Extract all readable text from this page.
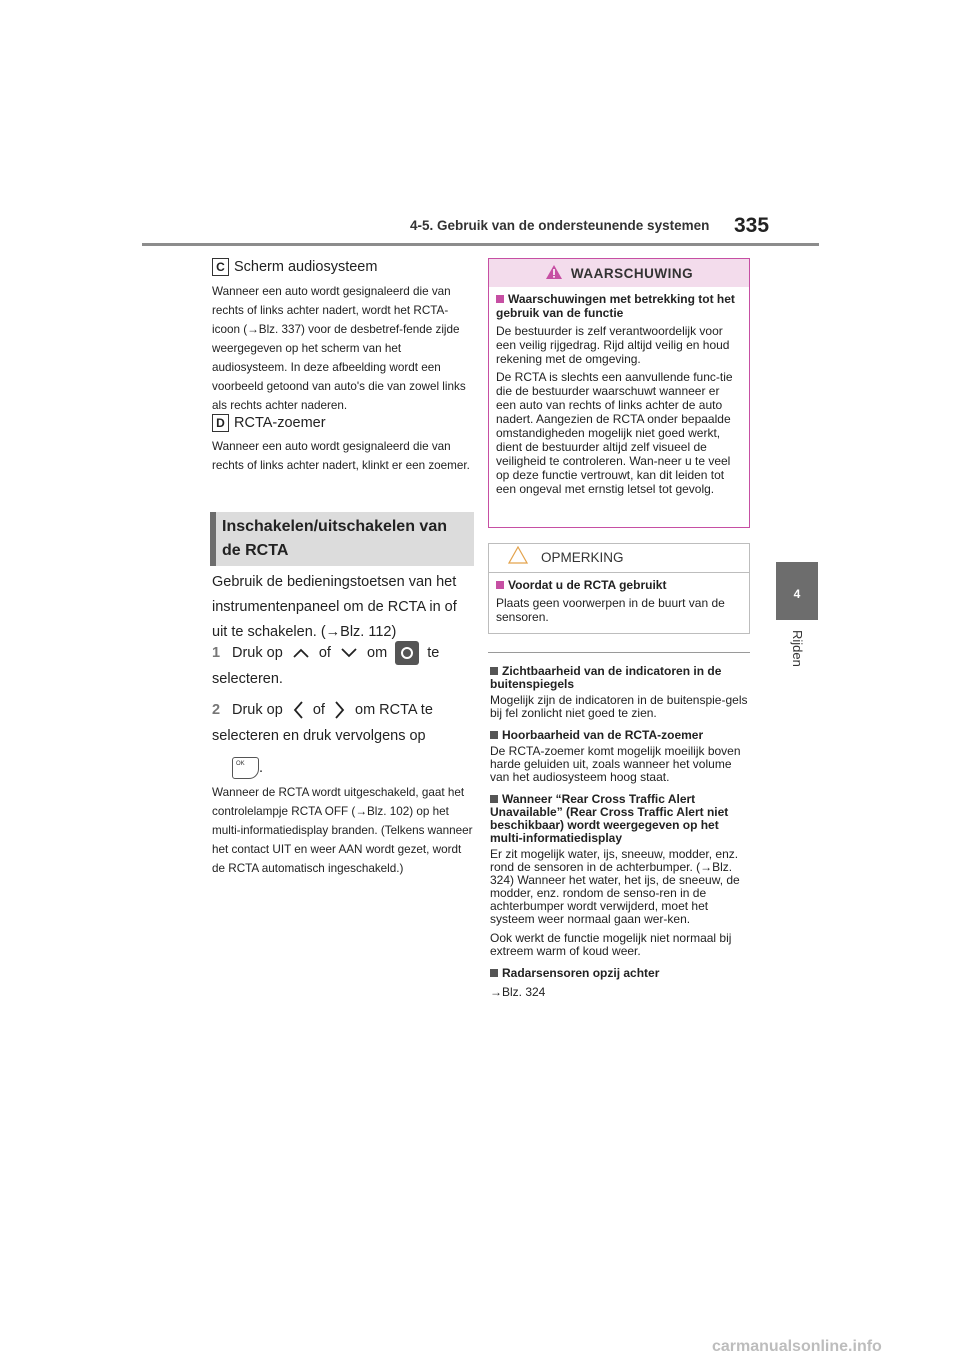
4-5. Gebruik van de ondersteunende systemen 335
4
Rijden
C Scherm audiosysteem
Wanneer een auto wordt gesignaleerd die van rechts of links achter nadert, wordt het RCTA-icoon (→Blz. 337) voor de desbetref-fende zijde weergegeven op het scherm van het audiosysteem. In deze afbeelding wordt een voorbeeld getoond van auto's die van zowel links als rechts achter naderen.
D RCTA-zoemer
Wanneer een auto wordt gesignaleerd die van rechts of links achter nadert, klinkt er een zoemer.
Inschakelen/uitschakelen van de RCTA
Gebruik de bedieningstoetsen van het instrumentenpaneel om de RCTA in of uit te schakelen. (→Blz. 112)
1 Druk op of om	te selecteren.
2 Druk op of om RCTA te selecteren en druk vervolgens op
OK .
Wanneer de RCTA wordt uitgeschakeld, gaat het controlelampje RCTA OFF (→Blz. 102) op het multi-informatiedisplay branden. (Telkens wanneer het contact UIT en weer AAN wordt gezet, wordt de RCTA automatisch ingeschakeld.)
WAARSCHUWING
Waarschuwingen met betrekking tot het gebruik van de functie
De bestuurder is zelf verantwoordelijk voor een veilig rijgedrag. Rijd altijd veilig en houd rekening met de omgeving.
De RCTA is slechts een aanvullende func-tie die de bestuurder waarschuwt wanneer er een auto van rechts of links achter de auto nadert. Aangezien de RCTA onder bepaalde omstandigheden mogelijk niet goed werkt, dient de bestuurder altijd zelf visueel de veiligheid te controleren. Wan-neer u te veel op deze functie vertrouwt, kan dit leiden tot een ongeval met ernstig letsel tot gevolg.
OPMERKING
Voordat u de RCTA gebruikt
Plaats geen voorwerpen in de buurt van de sensoren.
Zichtbaarheid van de indicatoren in de buitenspiegels
Mogelijk zijn de indicatoren in de buitenspie-gels bij fel zonlicht niet goed te zien.
Hoorbaarheid van de RCTA-zoemer
De RCTA-zoemer komt mogelijk moeilijk boven harde geluiden uit, zoals wanneer het volume van het audiosysteem hoog staat.
Wanneer “Rear Cross Traffic Alert Unavailable” (Rear Cross Traffic Alert niet beschikbaar) wordt weergegeven op het multi-informatiedisplay
Er zit mogelijk water, ijs, sneeuw, modder, enz. rond de sensoren in de achterbumper. (→Blz. 324) Wanneer het water, het ijs, de sneeuw, de modder, enz. rondom de senso-ren in de achterbumper wordt verwijderd, moet het systeem weer normaal gaan wer-ken.
Ook werkt de functie mogelijk niet normaal bij extreem warm of koud weer.
Radarsensoren opzij achter
→Blz. 324
carmanualsonline.info
